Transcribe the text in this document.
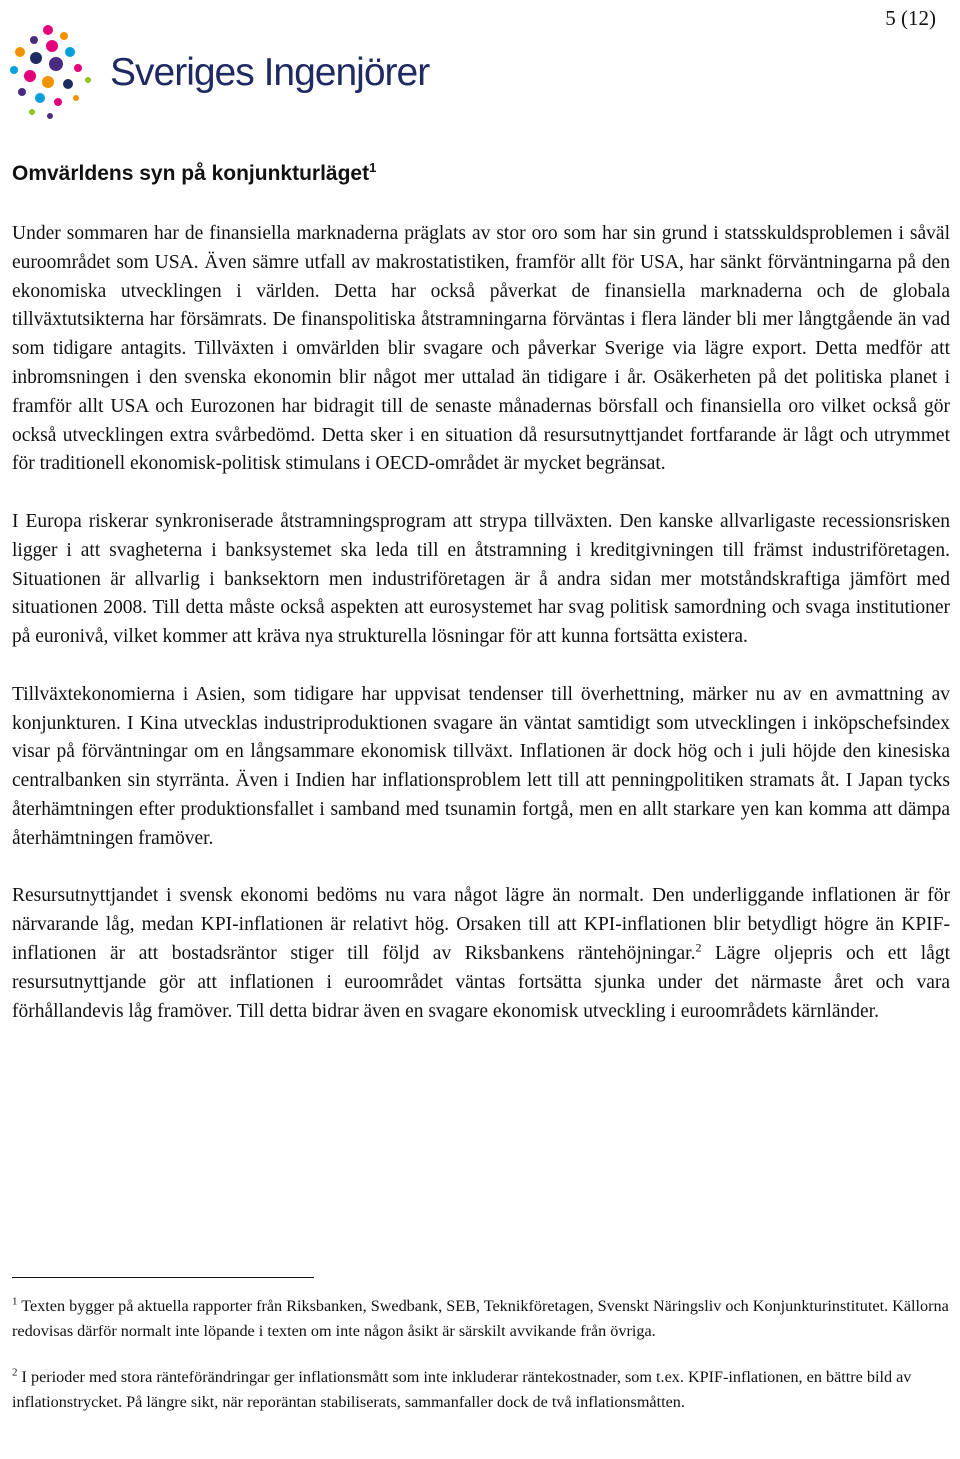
5 (12)
Sveriges Ingenjörer
Omvärldens syn på konjunkturläget$^1$

Under sommaren har de finansiella marknaderna präglats av stor oro som har sin grund i statsskuldsproblemen i såväl euroområdet som USA. Även sämre utfall av makrostatistiken, framför allt för USA, har sänkt förväntningarna på den ekonomiska utvecklingen i världen. Detta har också påverkat de finansiella marknaderna och de globala tillväxtutsikterna har försämrats. De finanspolitiska åtstramningarna förväntas i flera länder bli mer långtgående än vad som tidigare antagits. Tillväxten i omvärlden blir svagare och påverkar Sverige via lägre export. Detta medför att inbromsningen i den svenska ekonomin blir något mer uttalad än tidigare i år. Osäkerheten på det politiska planet i framför allt USA och Eurozonen har bidragit till de senaste månadernas börsfall och finansiella oro vilket också gör också utvecklingen extra svårbedömd. Detta sker i en situation då resursutnyttjandet fortfarande är lågt och utrymmet för traditionell ekonomisk-politisk stimulans i OECD-området är mycket begränsat.

I Europa riskerar synkroniserade åtstramningsprogram att strypa tillväxten. Den kanske allvarligaste recessionsrisken ligger i att svagheterna i banksystemet ska leda till en åtstramning i kreditgivningen till främst industriföretagen. Situationen är allvarlig i banksektorn men industriföretagen är å andra sidan mer motståndskraftiga jämfört med situationen 2008. Till detta måste också aspekten att eurosystemet har svag politisk samordning och svaga institutioner på euronivå, vilket kommer att kräva nya strukturella lösningar för att kunna fortsätta existera.

Tillväxtekonomierna i Asien, som tidigare har uppvisat tendenser till överhettning, märker nu av en avmattning av konjunkturen. I Kina utvecklas industriproduktionen svagare än väntat samtidigt som utvecklingen i inköpschefsindex visar på förväntningar om en långsammare ekonomisk tillväxt. Inflationen är dock hög och i juli höjde den kinesiska centralbanken sin styrränta. Även i Indien har inflationsproblem lett till att penningpolitiken stramats åt. I Japan tycks återhämtningen efter produktionsfallet i samband med tsunamin fortgå, men en allt starkare yen kan komma att dämpa återhämtningen framöver.

Resursutnyttjandet i svensk ekonomi bedöms nu vara något lägre än normalt. Den underliggande inflationen är för närvarande låg, medan KPI-inflationen är relativt hög. Orsaken till att KPI-inflationen blir betydligt högre än KPIF-inflationen är att bostadsräntor stiger till följd av Riksbankens räntehöjningar.$^2$ Lägre oljepris och ett lågt resursutnyttjande gör att inflationen i euroområdet väntas fortsätta sjunka under det närmaste året och vara förhållandevis låg framöver. Till detta bidrar även en svagare ekonomisk utveckling i euroområdets kärnländer.

$^1$ Texten bygger på aktuella rapporter från Riksbanken, Swedbank, SEB, Teknikföretagen, Svenskt Näringsliv och Konjunkturinstitutet. Källorna redovisas därför normalt inte löpande i texten om inte någon åsikt är särskilt avvikande från övriga.

$^2$ I perioder med stora ränteförändringar ger inflationsmått som inte inkluderar räntekostnader, som t.ex. KPIF-inflationen, en bättre bild av inflationstrycket. På längre sikt, när reporäntan stabiliserats, sammanfaller dock de två inflationsmåtten.
